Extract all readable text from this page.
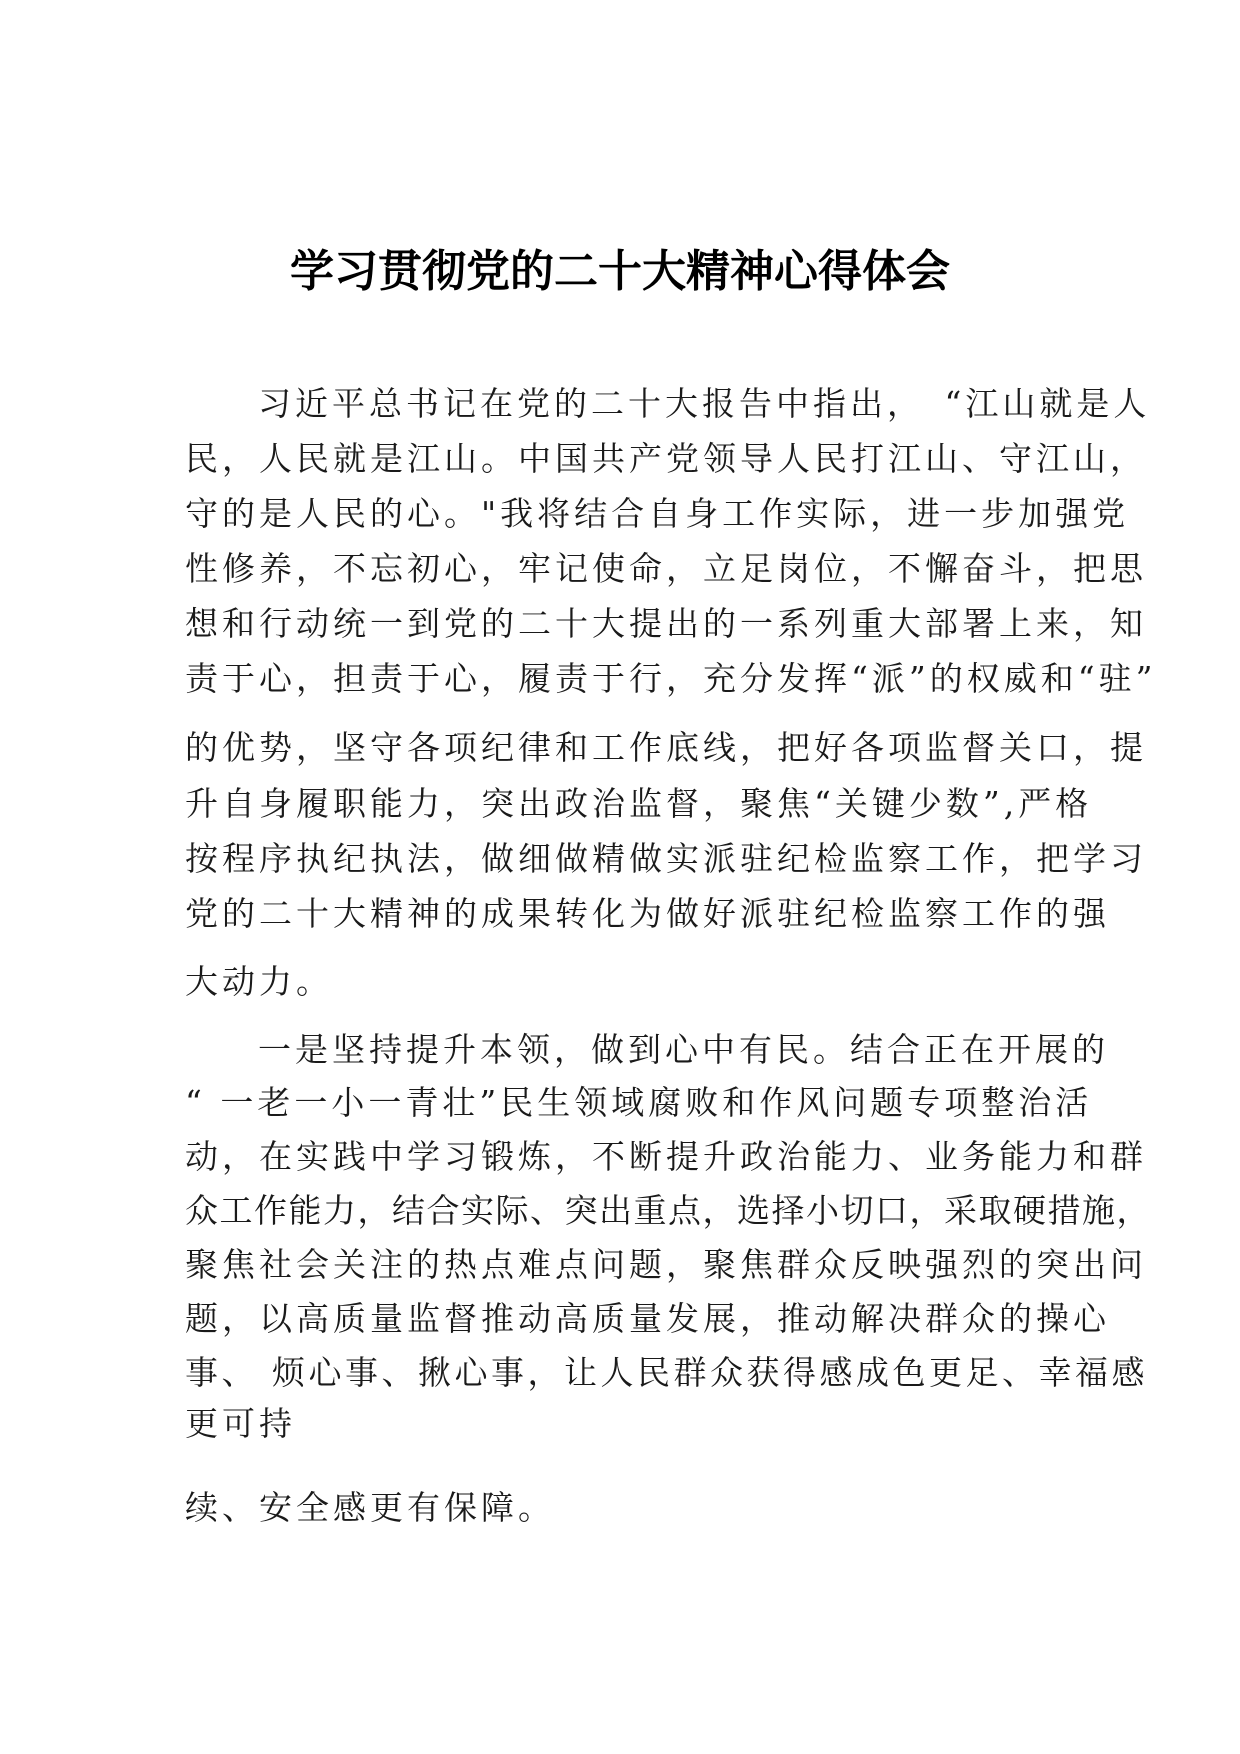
学习贯彻党的二十大精神心得体会
习近平总书记在党的二十大报告中指出，　“江山就是人
民，人民就是江山。中国共产党领导人民打江山、守江山，
守的是人民的心。"我将结合自身工作实际，进一步加强党
性修养，不忘初心，牢记使命，立足岗位，不懈奋斗，把思
想和行动统一到党的二十大提出的一系列重大部署上来，知
责于心，担责于心，履责于行，充分发挥“派”的权威和“驻”
的优势，坚守各项纪律和工作底线，把好各项监督关口，提
升自身履职能力，突出政治监督，聚焦“关键少数”,严格
按程序执纪执法，做细做精做实派驻纪检监察工作，把学习
党的二十大精神的成果转化为做好派驻纪检监察工作的强
大动力。
一是坚持提升本领，做到心中有民。结合正在开展的
“ 一老一小一青壮”民生领域腐败和作风问题专项整治活
动，在实践中学习锻炼，不断提升政治能力、业务能力和群
众工作能力，结合实际、突出重点，选择小切口，采取硬措施，
聚焦社会关注的热点难点问题，聚焦群众反映强烈的突出问
题，以高质量监督推动高质量发展，推动解决群众的操心
事、 烦心事、揪心事，让人民群众获得感成色更足、幸福感
更可持
续、安全感更有保障。
